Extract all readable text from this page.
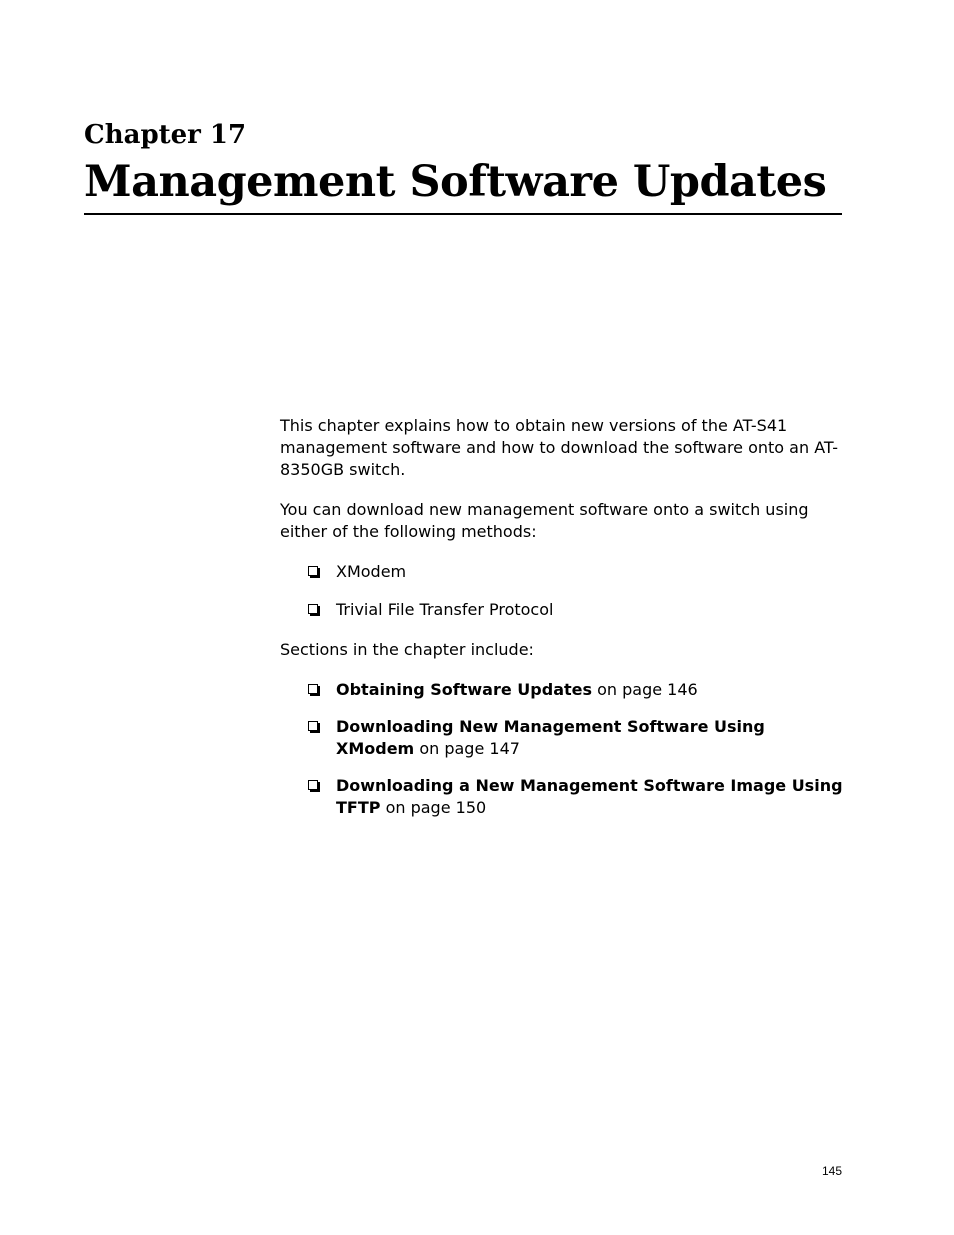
Chapter 17
Management Software Updates

This chapter explains how to obtain new versions of the AT-S41 management software and how to download the software onto an AT-8350GB switch.

You can download new management software onto a switch using either of the following methods:

XModem
Trivial File Transfer Protocol

Sections in the chapter include:

Obtaining Software Updates on page 146
Downloading New Management Software Using XModem on page 147
Downloading a New Management Software Image Using TFTP on page 150
145
